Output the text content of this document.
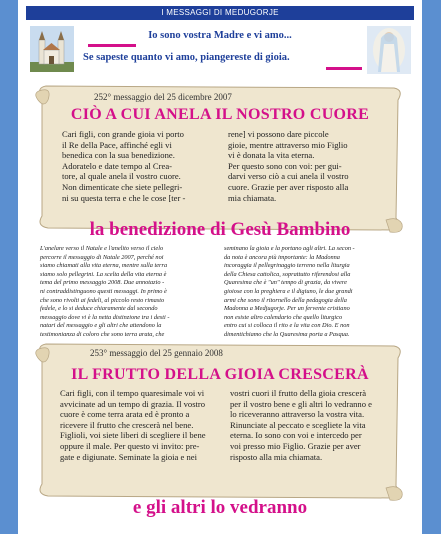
I MESSAGGI DI MEDUGORJE
Io sono vostra Madre e vi amo...
Se sapeste quanto vi amo, piangereste di gioia.
252° messaggio del 25 dicembre 2007
CIÒ A CUI ANELA IL NOSTRO CUORE
Cari figli, con grande gioia vi porto
il Re della Pace, affinché egli vi
benedica con la sua benedizione.
Adoratelo e date tempo al Crea-
tore, al quale anela il vostro cuore.
Non dimenticate che siete pellegri-
ni su questa terra e che le cose [ter -
rene] vi possono dare piccole
gioie, mentre attraverso mio Figlio
vi è donata la vita eterna.
Per questo sono con voi: per gui-
darvi verso ciò a cui anela il vostro
cuore. Grazie per aver risposto alla
mia chiamata.
la benedizione di Gesù Bambino
L'anelare verso il Natale e l'anelito verso il cielo
percorre il messaggio di Natale 2007, perché noi
siamo chiamati alla vita eterna, mentre sulla terra
siamo solo pellegrini. La scelta della vita eterna è
tema del primo messaggio 2008. Due annotazio -
ni contraddistinguono questi messaggi. In primo è
che sono rivolti ai fedeli, al piccolo resto rimasto
fedele, e lo si deduce chiaramente dal secondo
messaggio dove vi è la netta distinzione tra i desti -
natari del messaggio e gli altri che attendono la
testimonianza di coloro che sono terra arata, che
seminano la gioia e la portano agli altri. La secon -
da nota è ancora più importante: la Madonna
incoraggia il pellegrinaggio terreno nella liturgia
della Chiesa cattolica, soprattutto riferendosi alla
Quaresima che è "un" tempo di grazia, da vivere
gioiose con la preghiera e il digiuno, le due grandi
armi che sono il ritornello della pedagogia della
Madonna a Medjugorje. Per un fervente cristiano
non esiste altro calendario che quello liturgico
entro cui si colloca il rito e la vita con Dio. E non
dimentichiamo che la Quaresima porta a Pasqua.
253° messaggio del 25 gennaio 2008
IL FRUTTO DELLA GIOIA CRESCERÀ
Cari figli, con il tempo quaresimale voi vi
avvicinate ad un tempo di grazia. Il vostro
cuore è come terra arata ed è pronto a
ricevere il frutto che crescerà nel bene.
Figlioli, voi siete liberi di scegliere il bene
oppure il male. Per questo vi invito: pre-
gate e digiunate. Seminate la gioia e nei
vostri cuori il frutto della gioia crescerà
per il vostro bene e gli altri lo vedranno e
lo riceveranno attraverso la vostra vita.
Rinunciate al peccato e scegliete la vita
eterna. Io sono con voi e intercedo per
voi presso mio Figlio. Grazie per aver
risposto alla mia chiamata.
e gli altri lo vedranno
